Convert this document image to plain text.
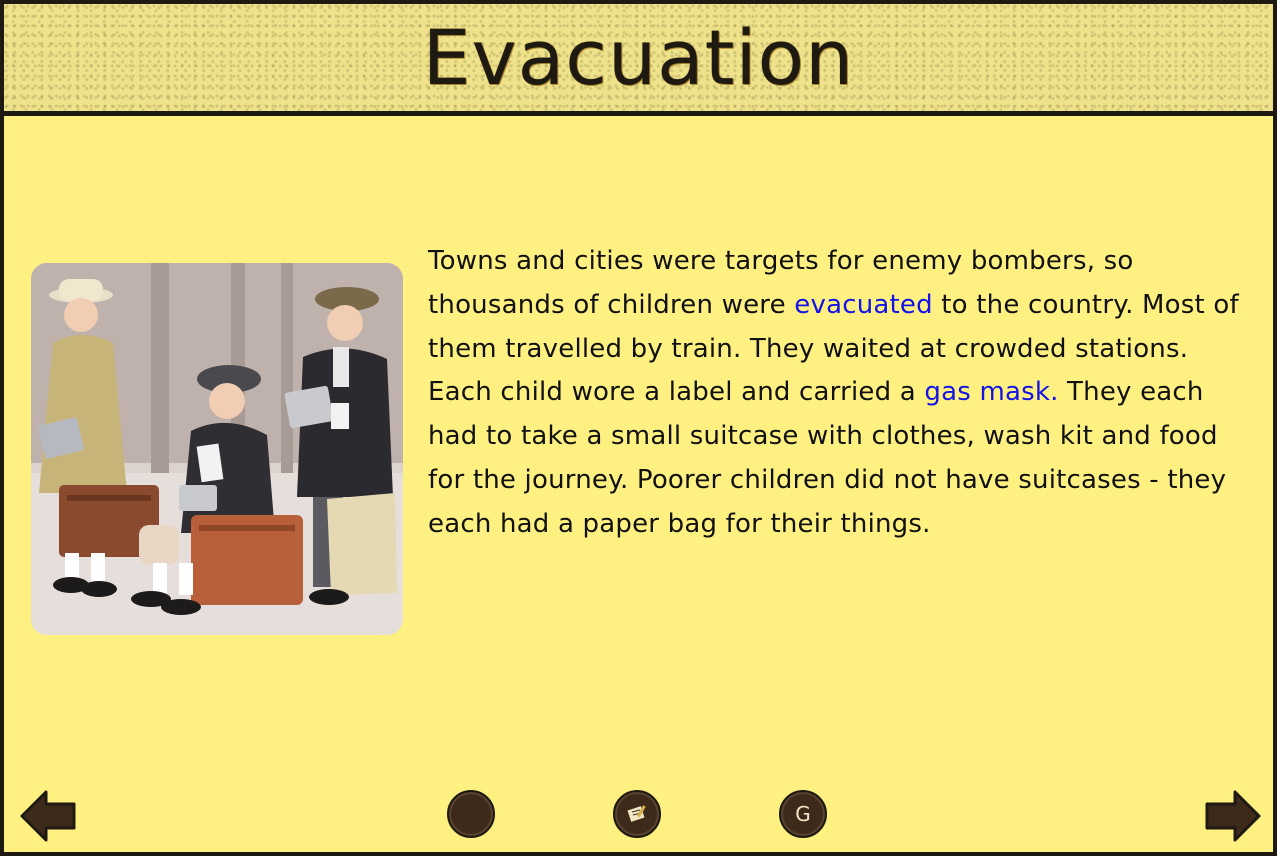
Evacuation
Towns and cities were targets for enemy bombers, so thousands of children were evacuated to the country. Most of them travelled by train. They waited at crowded stations. Each child wore a label and carried a gas mask. They each had to take a small suitcase with clothes, wash kit and food for the journey. Poorer children did not have suitcases - they each had a paper bag for their things.
G
